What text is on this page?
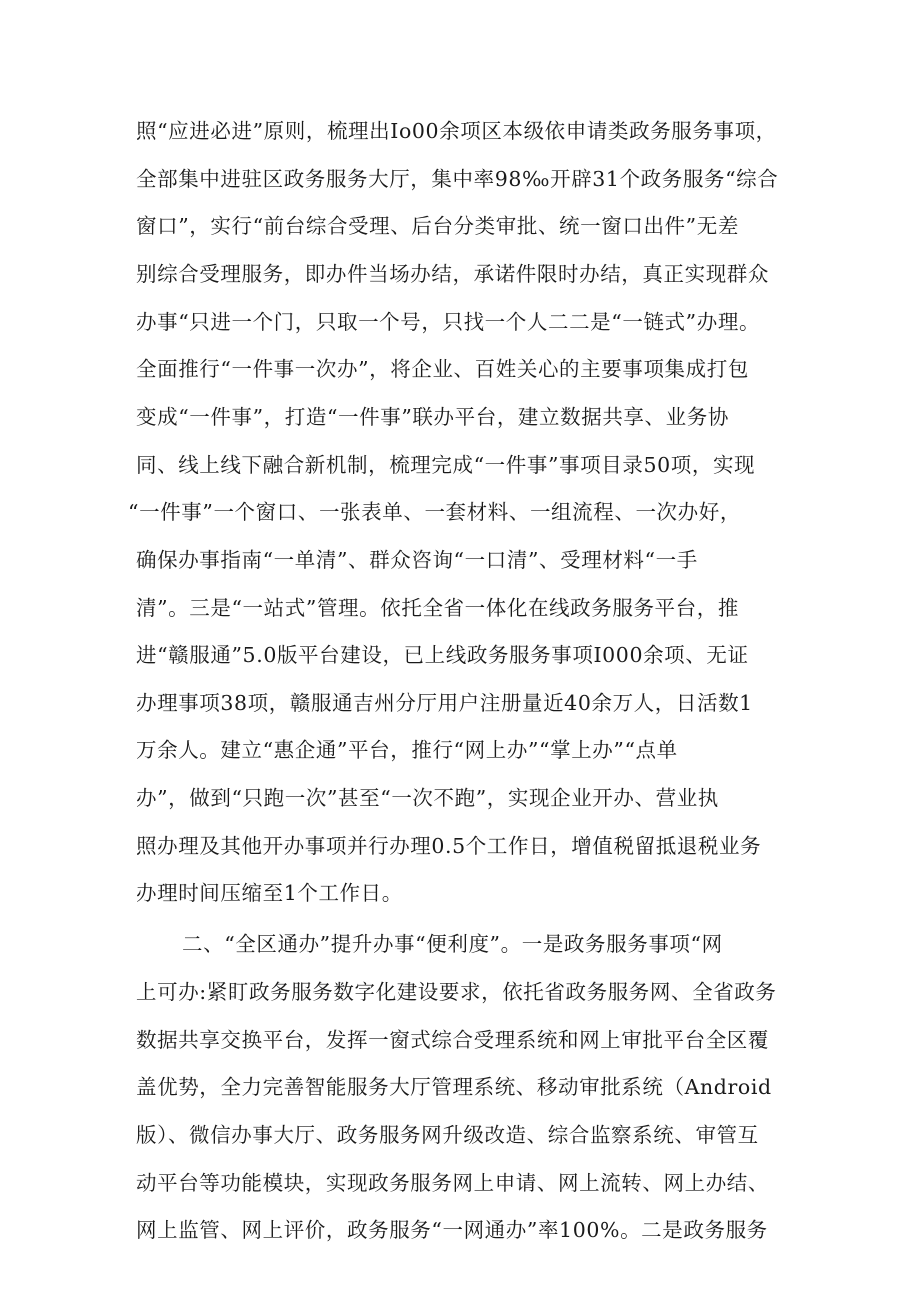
照“应进必进”原则，梳理出Io00余项区本级依申请类政务服务事项，
全部集中进驻区政务服务大厅，集中率98‰开辟31个政务服务“综合
窗口”，实行“前台综合受理、后台分类审批、统一窗口出件”无差
别综合受理服务，即办件当场办结，承诺件限时办结，真正实现群众
办事“只进一个门，只取一个号，只找一个人二二是“一链式”办理。
全面推行“一件事一次办”，将企业、百姓关心的主要事项集成打包
变成“一件事”，打造“一件事”联办平台，建立数据共享、业务协
同、线上线下融合新机制，梳理完成“一件事”事项目录50项，实现
“一件事”一个窗口、一张表单、一套材料、一组流程、一次办好，
确保办事指南“一单清”、群众咨询“一口清”、受理材料“一手
清”。三是“一站式”管理。依托全省一体化在线政务服务平台，推
进“赣服通”5.0版平台建设，已上线政务服务事项I000余项、无证
办理事项38项，赣服通吉州分厅用户注册量近40余万人，日活数1
万余人。建立“惠企通”平台，推行“网上办”“掌上办”“点单
办”，做到“只跑一次”甚至“一次不跑”，实现企业开办、营业执
照办理及其他开办事项并行办理0.5个工作日，增值税留抵退税业务
办理时间压缩至1个工作日。
二、“全区通办”提升办事“便利度”。一是政务服务事项“网
上可办:紧盯政务服务数字化建设要求，依托省政务服务网、全省政务
数据共享交换平台，发挥一窗式综合受理系统和网上审批平台全区覆
盖优势，全力完善智能服务大厅管理系统、移动审批系统（Android
版）、微信办事大厅、政务服务网升级改造、综合监察系统、审管互
动平台等功能模块，实现政务服务网上申请、网上流转、网上办结、
网上监管、网上评价，政务服务“一网通办”率100%。二是政务服务
